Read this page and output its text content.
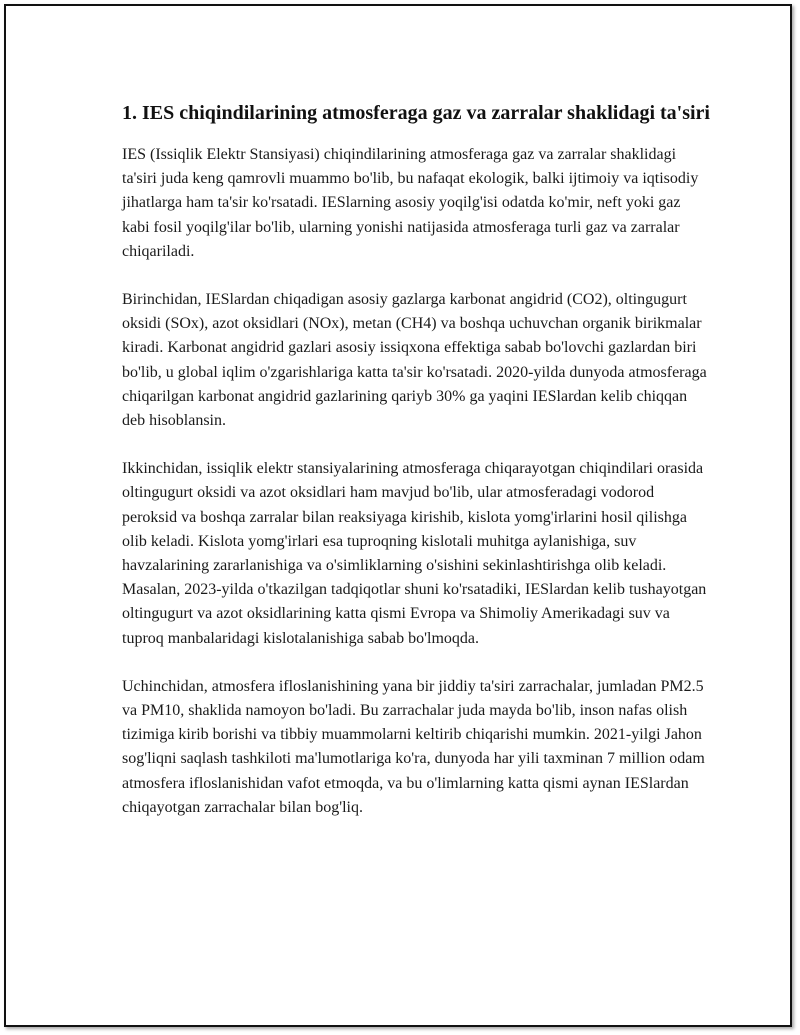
1. IES chiqindilarining atmosferaga gaz va zarralar shaklidagi ta'siri

IES (Issiqlik Elektr Stansiyasi) chiqindilarining atmosferaga gaz va zarralar shaklidagi ta'siri juda keng qamrovli muammo bo'lib, bu nafaqat ekologik, balki ijtimoiy va iqtisodiy jihatlarga ham ta'sir ko'rsatadi. IESlarning asosiy yoqilg'isi odatda ko'mir, neft yoki gaz kabi fosil yoqilg'ilar bo'lib, ularning yonishi natijasida atmosferaga turli gaz va zarralar chiqariladi.

Birinchidan, IESlardan chiqadigan asosiy gazlarga karbonat angidrid (CO2), oltingugurt oksidi (SOx), azot oksidlari (NOx), metan (CH4) va boshqa uchuvchan organik birikmalar kiradi. Karbonat angidrid gazlari asosiy issiqxona effektiga sabab bo'lovchi gazlardan biri bo'lib, u global iqlim o'zgarishlariga katta ta'sir ko'rsatadi. 2020-yilda dunyoda atmosferaga chiqarilgan karbonat angidrid gazlarining qariyb 30% ga yaqini IESlardan kelib chiqqan deb hisoblansin.

Ikkinchidan, issiqlik elektr stansiyalarining atmosferaga chiqarayotgan chiqindilari orasida oltingugurt oksidi va azot oksidlari ham mavjud bo'lib, ular atmosferadagi vodorod peroksid va boshqa zarralar bilan reaksiyaga kirishib, kislota yomg'irlarini hosil qilishga olib keladi. Kislota yomg'irlari esa tuproqning kislotali muhitga aylanishiga, suv havzalarining zararlanishiga va o'simliklarning o'sishini sekinlashtirishga olib keladi. Masalan, 2023-yilda o'tkazilgan tadqiqotlar shuni ko'rsatadiki, IESlardan kelib tushayotgan oltingugurt va azot oksidlarining katta qismi Evropa va Shimoliy Amerikadagi suv va tuproq manbalaridagi kislotalanishiga sabab bo'lmoqda.

Uchinchidan, atmosfera ifloslanishining yana bir jiddiy ta'siri zarrachalar, jumladan PM2.5 va PM10, shaklida namoyon bo'ladi. Bu zarrachalar juda mayda bo'lib, inson nafas olish tizimiga kirib borishi va tibbiy muammolarni keltirib chiqarishi mumkin. 2021-yilgi Jahon sog'liqni saqlash tashkiloti ma'lumotlariga ko'ra, dunyoda har yili taxminan 7 million odam atmosfera ifloslanishidan vafot etmoqda, va bu o'limlarning katta qismi aynan IESlardan chiqayotgan zarrachalar bilan bog'liq.
